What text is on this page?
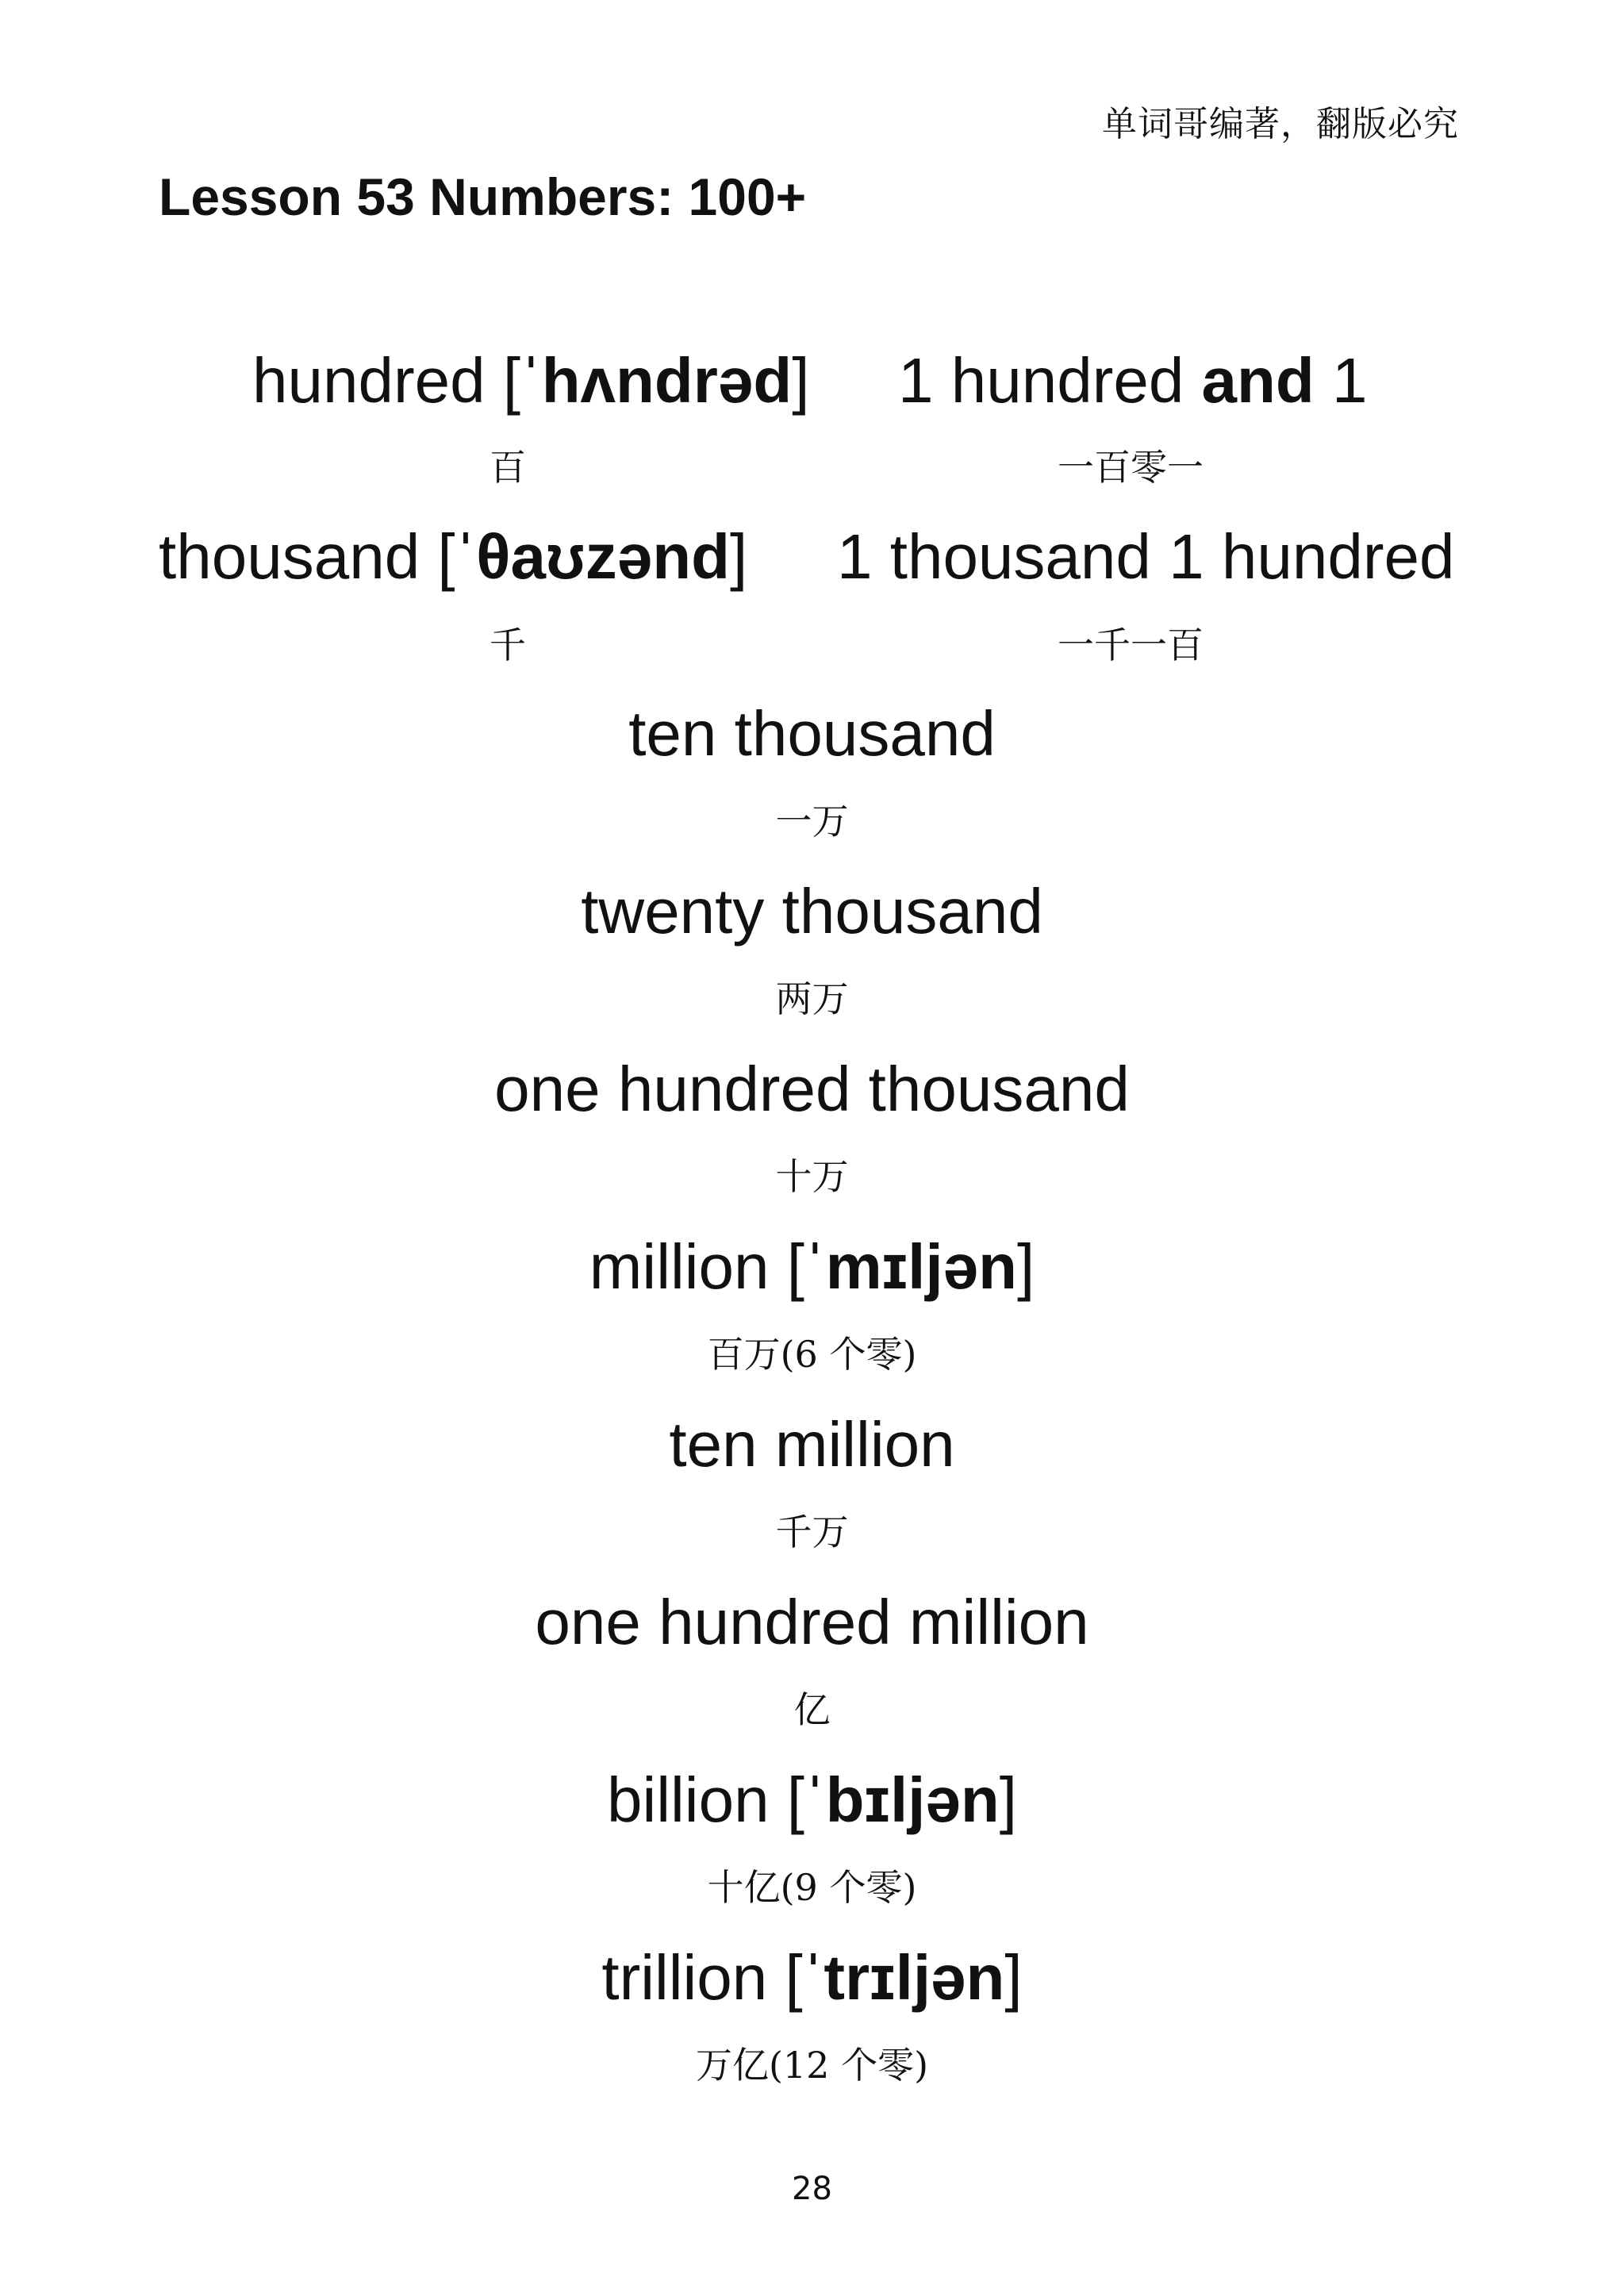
单词哥编著，翻版必究
Lesson 53 Numbers: 100+
hundred [ˈhʌndrəd] 1 hundred and 1
百	一百零一
thousand [ˈθaʊzənd] 1 thousand 1 hundred
千	一千一百
ten thousand
一万
twenty thousand
两万
one hundred thousand
十万
million [ˈmɪljən]
百万(6 个零)
ten million
千万
one hundred million
亿
billion [ˈbɪljən]
十亿(9 个零)
trillion [ˈtrɪljən]
万亿(12 个零)
28
